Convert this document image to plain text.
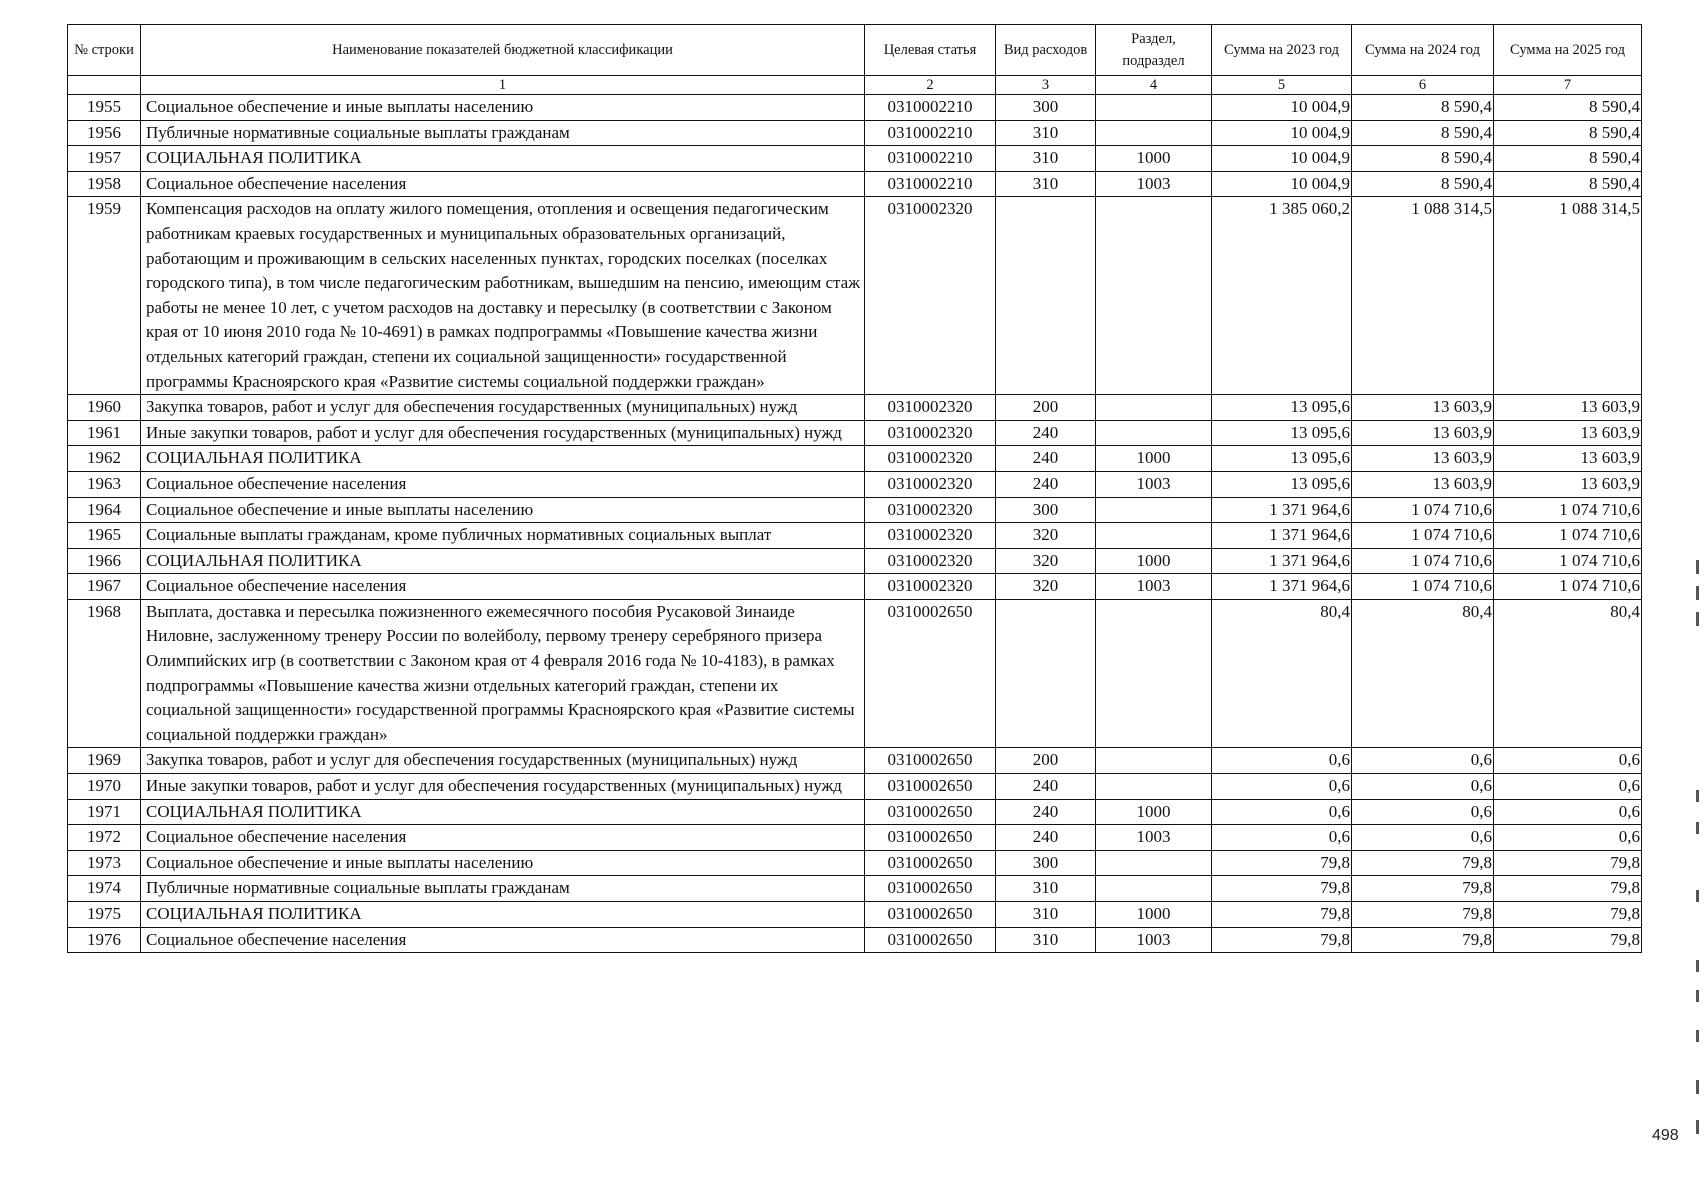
№ строки	Наименование показателей бюджетной классификации	Целевая статья	Вид расходов	Раздел, подраздел	Сумма на 2023 год	Сумма на 2024 год	Сумма на 2025 год
	1	2	3	4	5	6	7
1955	Социальное обеспечение и иные выплаты населению	0310002210	300		10 004,9	8 590,4	8 590,4
1956	Публичные нормативные социальные выплаты гражданам	0310002210	310		10 004,9	8 590,4	8 590,4
1957	СОЦИАЛЬНАЯ ПОЛИТИКА	0310002210	310	1000	10 004,9	8 590,4	8 590,4
1958	Социальное обеспечение населения	0310002210	310	1003	10 004,9	8 590,4	8 590,4
1959	Компенсация расходов на оплату жилого помещения, отопления и освещения педагогическим работникам краевых государственных и муниципальных образовательных организаций, работающим и проживающим в сельских населенных пунктах, городских поселках (поселках городского типа), в том числе педагогическим работникам, вышедшим на пенсию, имеющим стаж работы не менее 10 лет, с учетом расходов на доставку и пересылку (в соответствии с Законом края от 10 июня 2010 года № 10-4691) в рамках подпрограммы «Повышение качества жизни отдельных категорий граждан, степени их социальной защищенности» государственной программы Красноярского края «Развитие системы социальной поддержки граждан»	0310002320			1 385 060,2	1 088 314,5	1 088 314,5
1960	Закупка товаров, работ и услуг для обеспечения государственных (муниципальных) нужд	0310002320	200		13 095,6	13 603,9	13 603,9
1961	Иные закупки товаров, работ и услуг для обеспечения государственных (муниципальных) нужд	0310002320	240		13 095,6	13 603,9	13 603,9
1962	СОЦИАЛЬНАЯ ПОЛИТИКА	0310002320	240	1000	13 095,6	13 603,9	13 603,9
1963	Социальное обеспечение населения	0310002320	240	1003	13 095,6	13 603,9	13 603,9
1964	Социальное обеспечение и иные выплаты населению	0310002320	300		1 371 964,6	1 074 710,6	1 074 710,6
1965	Социальные выплаты гражданам, кроме публичных нормативных социальных выплат	0310002320	320		1 371 964,6	1 074 710,6	1 074 710,6
1966	СОЦИАЛЬНАЯ ПОЛИТИКА	0310002320	320	1000	1 371 964,6	1 074 710,6	1 074 710,6
1967	Социальное обеспечение населения	0310002320	320	1003	1 371 964,6	1 074 710,6	1 074 710,6
1968	Выплата, доставка и пересылка пожизненного ежемесячного пособия Русаковой Зинаиде Ниловне, заслуженному тренеру России по волейболу, первому тренеру серебряного призера Олимпийских игр (в соответствии с Законом края от 4 февраля 2016 года № 10-4183), в рамках подпрограммы «Повышение качества жизни отдельных категорий граждан, степени их социальной защищенности» государственной программы Красноярского края «Развитие системы социальной поддержки граждан»	0310002650			80,4	80,4	80,4
1969	Закупка товаров, работ и услуг для обеспечения государственных (муниципальных) нужд	0310002650	200		0,6	0,6	0,6
1970	Иные закупки товаров, работ и услуг для обеспечения государственных (муниципальных) нужд	0310002650	240		0,6	0,6	0,6
1971	СОЦИАЛЬНАЯ ПОЛИТИКА	0310002650	240	1000	0,6	0,6	0,6
1972	Социальное обеспечение населения	0310002650	240	1003	0,6	0,6	0,6
1973	Социальное обеспечение и иные выплаты населению	0310002650	300		79,8	79,8	79,8
1974	Публичные нормативные социальные выплаты гражданам	0310002650	310		79,8	79,8	79,8
1975	СОЦИАЛЬНАЯ ПОЛИТИКА	0310002650	310	1000	79,8	79,8	79,8
1976	Социальное обеспечение населения	0310002650	310	1003	79,8	79,8	79,8
498
